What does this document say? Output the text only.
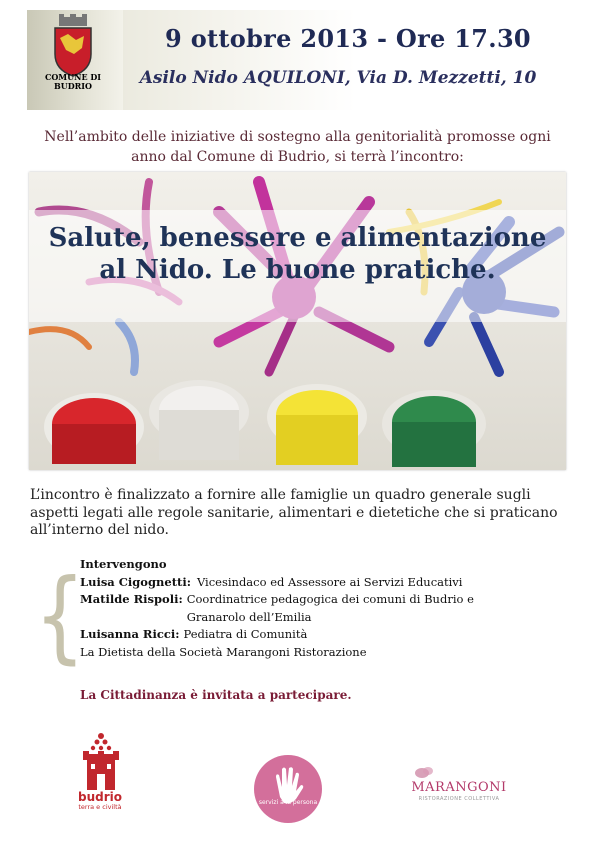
COMUNE DI BUDRIO
9 ottobre 2013 - Ore 17.30
Asilo Nido AQUILONI, Via D. Mezzetti, 10
Nell’ambito delle iniziative di sostegno alla genitorialità promosse ogni anno dal Comune di Budrio, si terrà l’incontro:
Salute, benessere e alimentazione
al Nido. Le buone pratiche.
L’incontro è finalizzato a fornire alle famiglie un quadro generale sugli aspetti legati alle regole sanitarie, alimentari e dietetiche che si praticano all’interno del nido.
{
Intervengono
Luisa Cigognetti: Vicesindaco ed Assessore ai Servizi Educativi
Matilde Rispoli: Coordinatrice pedagogica dei comuni di Budrio e Granarolo dell’Emilia
Luisanna Ricci: Pediatra di Comunità
La Dietista della Società Marangoni Ristorazione
La Cittadinanza è invitata a partecipare.
budrio
terra e civiltà
servizi a la persona
MARANGONI
RISTORAZIONE COLLETTIVA
